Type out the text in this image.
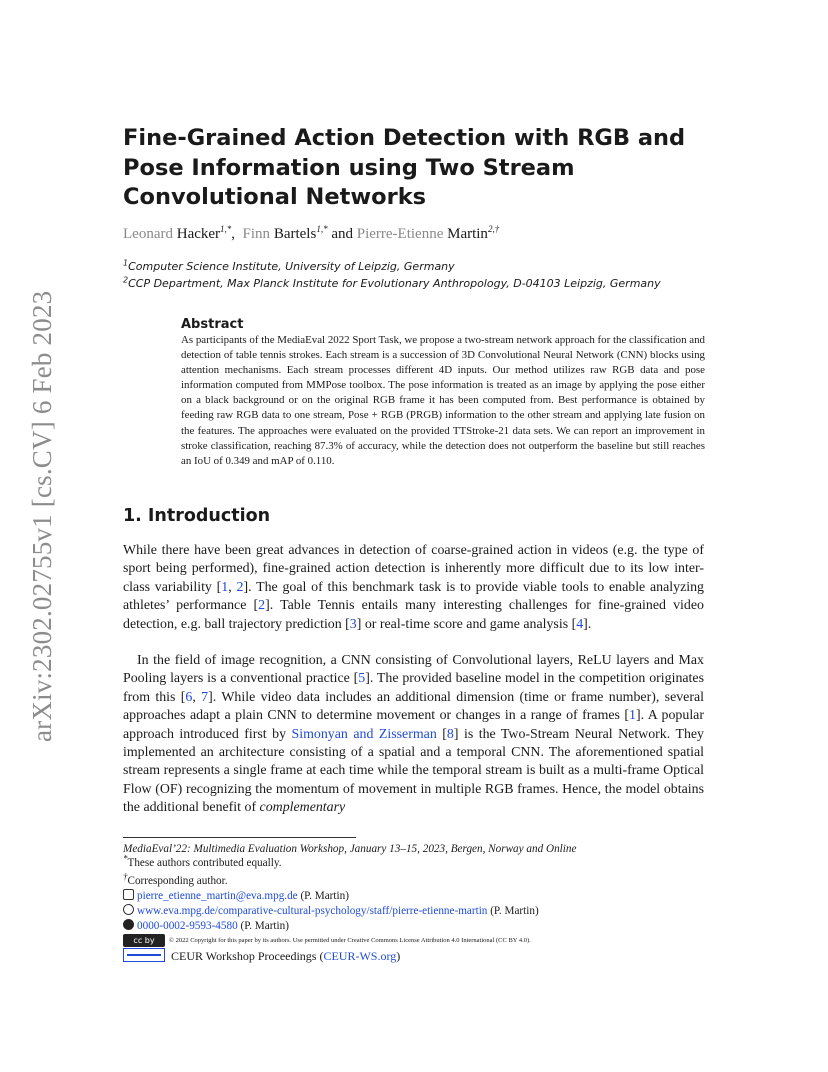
arXiv:2302.02755v1 [cs.CV] 6 Feb 2023
Fine-Grained Action Detection with RGB and Pose Information using Two Stream Convolutional Networks
Leonard Hacker$^{1,*}$, Finn Bartels$^{1,*}$ and Pierre-Etienne Martin$^{2,\dagger}$
$^1$Computer Science Institute, University of Leipzig, Germany
$^2$CCP Department, Max Planck Institute for Evolutionary Anthropology, D-04103 Leipzig, Germany
Abstract

As participants of the MediaEval 2022 Sport Task, we propose a two-stream network approach for the classification and detection of table tennis strokes. Each stream is a succession of 3D Convolutional Neural Network (CNN) blocks using attention mechanisms. Each stream processes different 4D inputs. Our method utilizes raw RGB data and pose information computed from MMPose toolbox. The pose information is treated as an image by applying the pose either on a black background or on the original RGB frame it has been computed from. Best performance is obtained by feeding raw RGB data to one stream, Pose + RGB (PRGB) information to the other stream and applying late fusion on the features. The approaches were evaluated on the provided TTStroke-21 data sets. We can report an improvement in stroke classification, reaching 87.3% of accuracy, while the detection does not outperform the baseline but still reaches an IoU of 0.349 and mAP of 0.110.

1. Introduction

While there have been great advances in detection of coarse-grained action in videos (e.g. the type of sport being performed), fine-grained action detection is inherently more difficult due to its low inter-class variability [1, 2]. The goal of this benchmark task is to provide viable tools to enable analyzing athletes’ performance [2]. Table Tennis entails many interesting challenges for fine-grained video detection, e.g. ball trajectory prediction [3] or real-time score and game analysis [4].

In the field of image recognition, a CNN consisting of Convolutional layers, ReLU layers and Max Pooling layers is a conventional practice [5]. The provided baseline model in the competition originates from this [6, 7]. While video data includes an additional dimension (time or frame number), several approaches adapt a plain CNN to determine movement or changes in a range of frames [1]. A popular approach introduced first by Simonyan and Zisserman [8] is the Two-Stream Neural Network. They implemented an architecture consisting of a spatial and a temporal CNN. The aforementioned spatial stream represents a single frame at each time while the temporal stream is built as a multi-frame Optical Flow (OF) recognizing the momentum of movement in multiple RGB frames. Hence, the model obtains the additional benefit of complementary

MediaEval’22: Multimedia Evaluation Workshop, January 13–15, 2023, Bergen, Norway and Online
*These authors contributed equally.
†Corresponding author.
pierre_etienne_martin@eva.mpg.de (P. Martin)
www.eva.mpg.de/comparative-cultural-psychology/staff/pierre-etienne-martin (P. Martin)
0000-0002-9593-4580 (P. Martin)
cc by © 2022 Copyright for this paper by its authors. Use permitted under Creative Commons License Attribution 4.0 International (CC BY 4.0).
CEUR Workshop Proceedings (CEUR-WS.org)
